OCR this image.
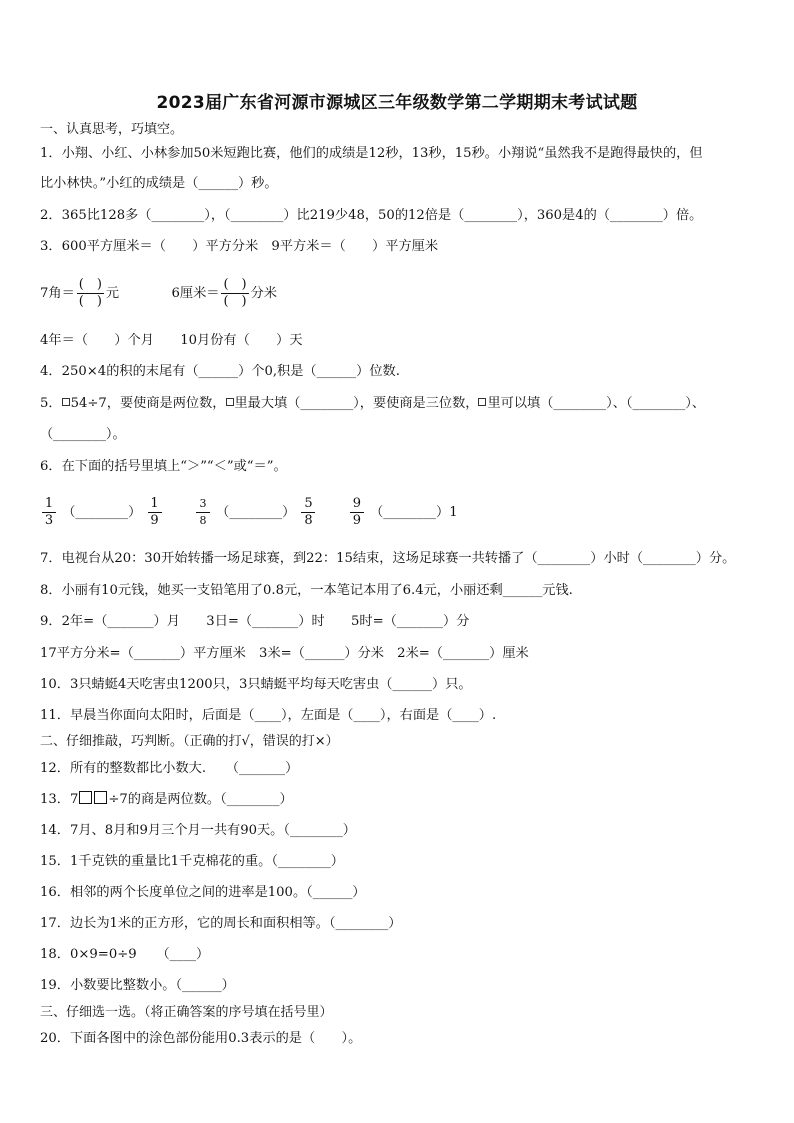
2023届广东省河源市源城区三年级数学第二学期期末考试试题
一、认真思考，巧填空。
1．小翔、小红、小林参加50米短跑比赛，他们的成绩是12秒，13秒，15秒。小翔说“虽然我不是跑得最快的，但
比小林快。”小红的成绩是（______）秒。
2．365比128多（________），（________）比219少48，50的12倍是（________），360是4的（________）倍。
3．600平方厘米＝（　　）平方分米　9平方米＝（　　）平方厘米
7角＝ $\frac{( )}{( )}$ 元	6厘米＝ $\frac{( )}{( )}$ 分米
4年＝（　　）个月　　10月份有（　　）天
4．250×4的积的末尾有（______）个0,积是（______）位数.
5． 54÷7，要使商是两位数， 里最大填（________），要使商是三位数， 里可以填（________）、（________）、
（________）。
6．在下面的括号里填上“＞”“＜”或“＝”。
$\frac{1}{3}$ （________） $\frac{1}{9}$
	$\frac{3}{8}$ （________） $\frac{5}{8}$
	$\frac{9}{9}$ （________）1
7．电视台从20：30开始转播一场足球赛，到22：15结束，这场足球赛一共转播了（________）小时（________）分。
8．小丽有10元钱，她买一支铅笔用了0.8元，一本笔记本用了6.4元，小丽还剩______元钱.
9．2年=（_______）月　　3日=（_______）时　　5时=（_______）分
17平方分米=（_______）平方厘米　3米=（______）分米　2米=（_______）厘米
10．3只蜻蜓4天吃害虫1200只，3只蜻蜓平均每天吃害虫（______）只。
11．早晨当你面向太阳时，后面是（____），左面是（____），右面是（____）.
二、仔细推敲，巧判断。（正确的打√，错误的打×）
12．所有的整数都比小数大.　　（_______）
13．7 ÷7的商是两位数。（________）
14．7月、8月和9月三个月一共有90天。（________）
15．1千克铁的重量比1千克棉花的重。（________）
16．相邻的两个长度单位之间的进率是100。（______）
17．边长为1米的正方形，它的周长和面积相等。（________）
18．0×9=0÷9　　（____）
19．小数要比整数小。（______）
三、仔细选一选。（将正确答案的序号填在括号里）
20．下面各图中的涂色部份能用0.3表示的是（　　）。
